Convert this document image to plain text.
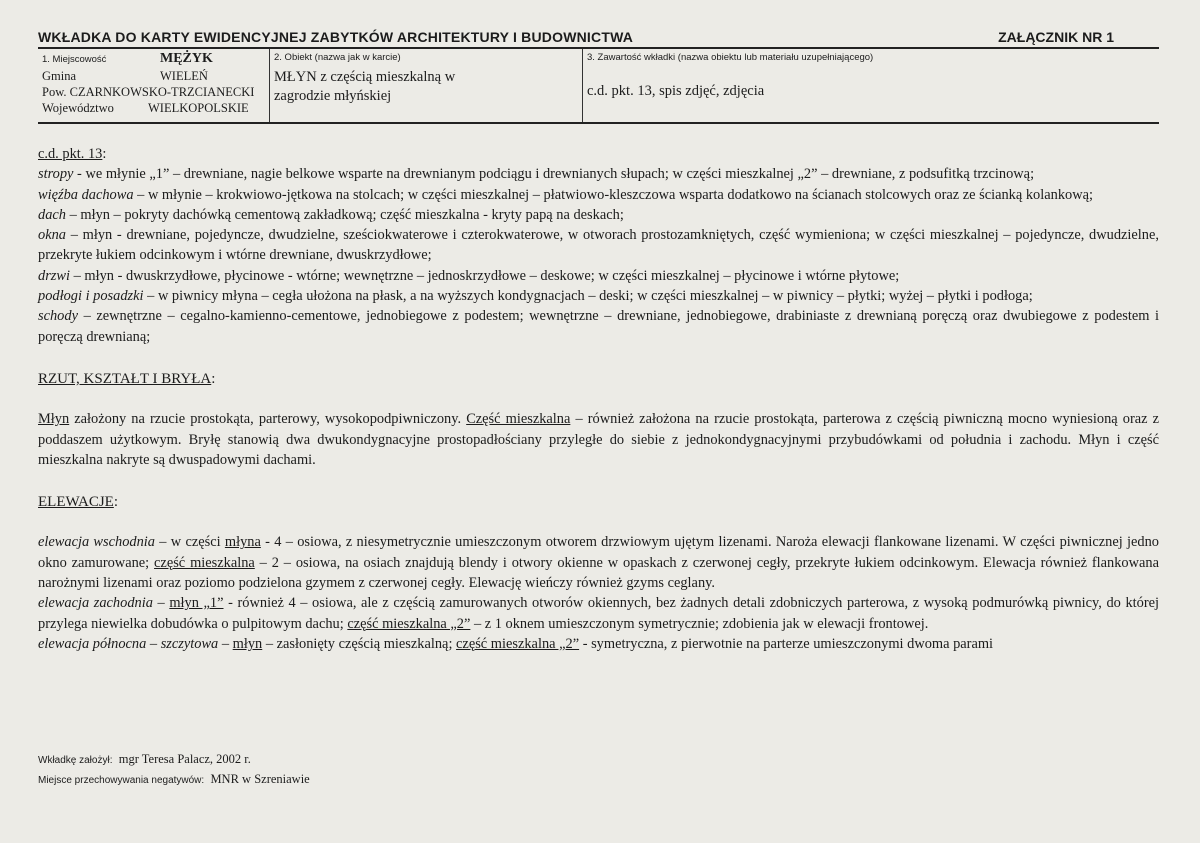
WKŁADKA DO KARTY EWIDENCYJNEJ ZABYTKÓW ARCHITEKTURY I BUDOWNICTWA	ZAŁĄCZNIK NR 1
1. Miejscowość	MĘŻYK
Gmina	WIELEŃ
Pow. CZARNKOWSKO-TRZCIANECKI
Województwo	WIELKOPOLSKIE
2. Obiekt (nazwa jak w karcie)
MŁYN z częścią mieszkalną w
zagrodzie młyńskiej
3. Zawartość wkładki (nazwa obiektu lub materiału uzupełniającego)
c.d. pkt. 13, spis zdjęć, zdjęcia

c.d. pkt. 13:

stropy - we młynie „1” – drewniane, nagie belkowe wsparte na drewnianym podciągu i drewnianych słupach; w części mieszkalnej „2” – drewniane, z podsufitką trzcinową;

więźba dachowa – w młynie – krokwiowo-jętkowa na stolcach; w części mieszkalnej – płatwiowo-kleszczowa wsparta dodatkowo na ścianach stolcowych oraz ze ścianką kolankową;

dach – młyn – pokryty dachówką cementową zakładkową; część mieszkalna - kryty papą na deskach;

okna – młyn - drewniane, pojedyncze, dwudzielne, sześciokwaterowe i czterokwaterowe, w otworach prostozamkniętych, część wymieniona; w części mieszkalnej – pojedyncze, dwudzielne, przekryte łukiem odcinkowym i wtórne drewniane, dwuskrzydłowe;

drzwi – młyn - dwuskrzydłowe, płycinowe - wtórne; wewnętrzne – jednoskrzydłowe – deskowe; w części mieszkalnej – płycinowe i wtórne płytowe;

podłogi i posadzki – w piwnicy młyna – cegła ułożona na płask, a na wyższych kondygnacjach – deski; w części mieszkalnej – w piwnicy – płytki; wyżej – płytki i podłoga;

schody – zewnętrzne – cegalno-kamienno-cementowe, jednobiegowe z podestem; wewnętrzne – drewniane, jednobiegowe, drabiniaste z drewnianą poręczą oraz dwubiegowe z podestem i poręczą drewnianą;

RZUT, KSZTAŁT I BRYŁA:

Młyn założony na rzucie prostokąta, parterowy, wysokopodpiwniczony. Część mieszkalna – również założona na rzucie prostokąta, parterowa z częścią piwniczną mocno wyniesioną oraz z poddaszem użytkowym. Bryłę stanowią dwa dwukondygnacyjne prostopadłościany przyległe do siebie z jednokondygnacyjnymi przybudówkami od południa i zachodu. Młyn i część mieszkalna nakryte są dwuspadowymi dachami.

ELEWACJE:

elewacja wschodnia – w części młyna - 4 – osiowa, z niesymetrycznie umieszczonym otworem drzwiowym ujętym lizenami. Naroża elewacji flankowane lizenami. W części piwnicznej jedno okno zamurowane; część mieszkalna – 2 – osiowa, na osiach znajdują blendy i otwory okienne w opaskach z czerwonej cegły, przekryte łukiem odcinkowym. Elewacja również flankowana narożnymi lizenami oraz poziomo podzielona gzymem z czerwonej cegły. Elewację wieńczy również gzyms ceglany.

elewacja zachodnia – młyn „1” - również 4 – osiowa, ale z częścią zamurowanych otworów okiennych, bez żadnych detali zdobniczych parterowa, z wysoką podmurówką piwnicy, do której przylega niewielka dobudówka o pulpitowym dachu; część mieszkalna „2” – z 1 oknem umieszczonym symetrycznie; zdobienia jak w elewacji frontowej.

elewacja północna – szczytowa – młyn – zasłonięty częścią mieszkalną; część mieszkalna „2” - symetryczna, z pierwotnie na parterze umieszczonymi dwoma parami

Wkładkę założył: mgr Teresa Palacz, 2002 r.
Miejsce przechowywania negatywów: MNR w Szreniawie
